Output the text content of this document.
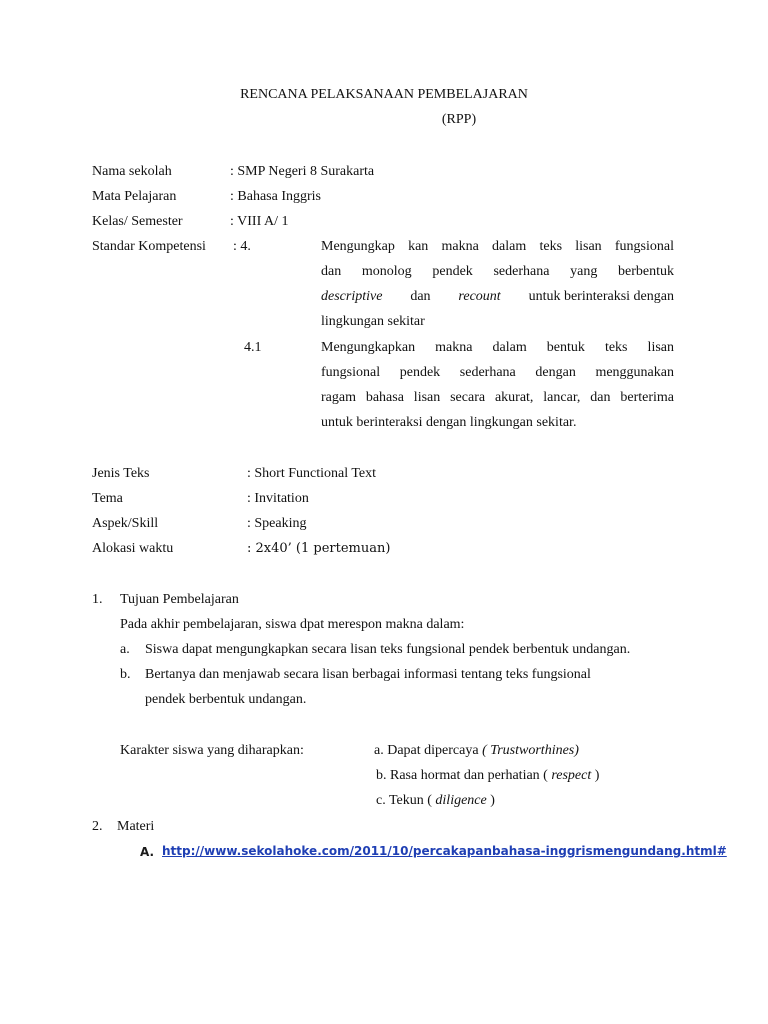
RENCANA PELAKSANAAN PEMBELAJARAN
(RPP)
Nama sekolah	: SMP Negeri 8 Surakarta
Mata Pelajaran	: Bahasa Inggris
Kelas/ Semester	: VIII A/ 1
Standar Kompetensi : 4.	Mengungkap kan makna dalam teks lisan fungsional
dan monolog pendek sederhana yang berbentuk
descriptive dan recount untuk berinteraksi dengan
lingkungan sekitar
4.1	Mengungkapkan makna dalam bentuk teks lisan
fungsional pendek sederhana dengan menggunakan
ragam bahasa lisan secara akurat, lancar, dan berterima
untuk berinteraksi dengan lingkungan sekitar.
Jenis Teks	: Short Functional Text
Tema	: Invitation
Aspek/Skill	: Speaking
Alokasi waktu	: 2x40’ (1 pertemuan)
1. Tujuan Pembelajaran
Pada akhir pembelajaran, siswa dpat merespon makna dalam:
a. Siswa dapat mengungkapkan secara lisan teks fungsional pendek berbentuk undangan.
b. Bertanya dan menjawab secara lisan berbagai informasi tentang teks fungsional
pendek berbentuk undangan.
Karakter siswa yang diharapkan:	a. Dapat dipercaya ( Trustworthines)
b. Rasa hormat dan perhatian ( respect )
c. Tekun ( diligence )
2. Materi
A. http://www.sekolahoke.com/2011/10/percakapanbahasa-inggrismengundang.html#
